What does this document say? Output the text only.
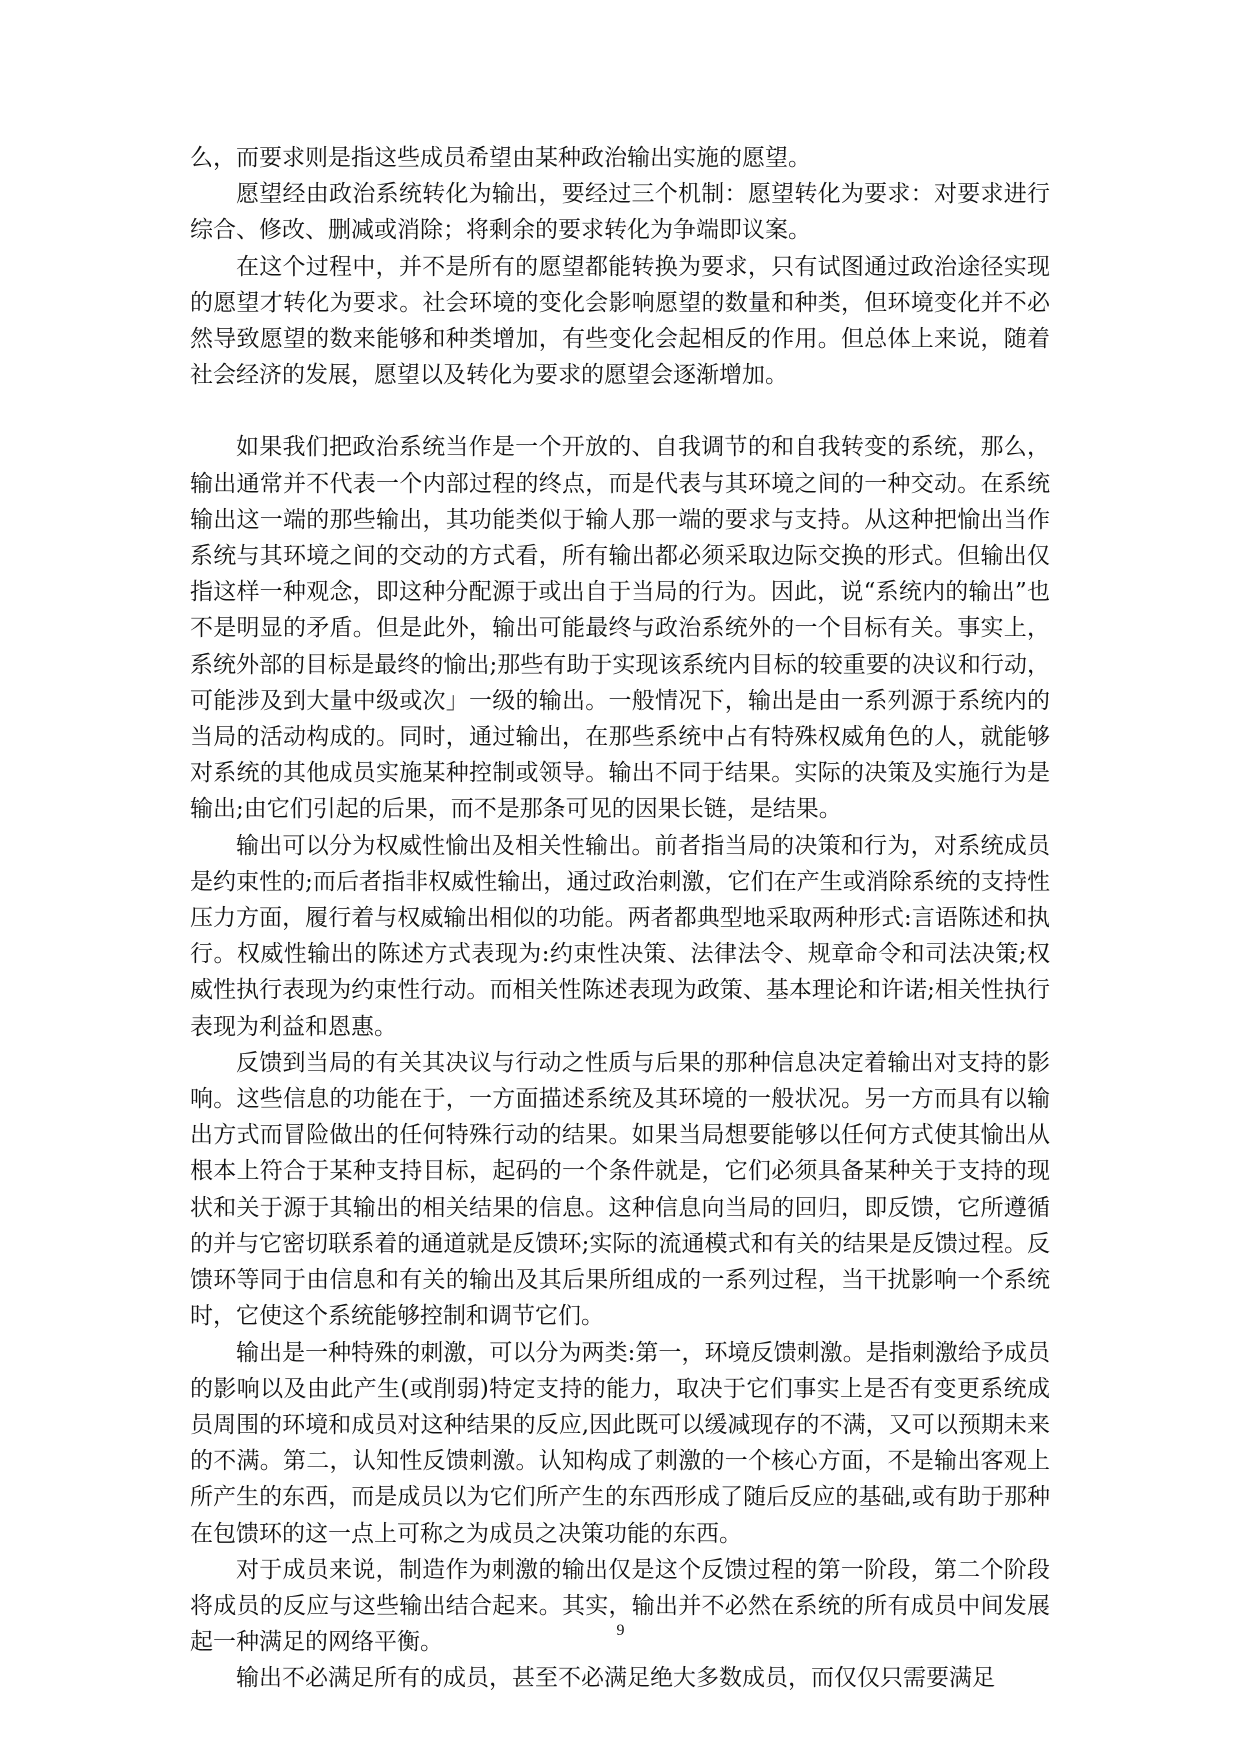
么，而要求则是指这些成员希望由某种政治输出实施的愿望。

愿望经由政治系统转化为输出，要经过三个机制：愿望转化为要求：对要求进行综合、修改、删减或消除；将剩余的要求转化为争端即议案。

在这个过程中，并不是所有的愿望都能转换为要求，只有试图通过政治途径实现的愿望才转化为要求。社会环境的变化会影响愿望的数量和种类，但环境变化并不必然导致愿望的数来能够和种类增加，有些变化会起相反的作用。但总体上来说，随着社会经济的发展，愿望以及转化为要求的愿望会逐渐增加。

如果我们把政治系统当作是一个开放的、自我调节的和自我转变的系统，那么，输出通常并不代表一个内部过程的终点，而是代表与其环境之间的一种交动。在系统输出这一端的那些输出，其功能类似于输人那一端的要求与支持。从这种把愉出当作系统与其环境之间的交动的方式看，所有输出都必须采取边际交换的形式。但输出仅指这样一种观念，即这种分配源于或出自于当局的行为。因此，说“系统内的输出”也不是明显的矛盾。但是此外，输出可能最终与政治系统外的一个目标有关。事实上，系统外部的目标是最终的愉出;那些有助于实现该系统内目标的较重要的决议和行动，可能涉及到大量中级或次」一级的输出。一般情况下，输出是由一系列源于系统内的当局的活动构成的。同时，通过输出，在那些系统中占有特殊权威角色的人，就能够对系统的其他成员实施某种控制或领导。输出不同于结果。实际的决策及实施行为是输出;由它们引起的后果，而不是那条可见的因果长链，是结果。

输出可以分为权威性愉出及相关性输出。前者指当局的决策和行为，对系统成员是约束性的;而后者指非权威性输出，通过政治刺激，它们在产生或消除系统的支持性压力方面，履行着与权威输出相似的功能。两者都典型地采取两种形式:言语陈述和执行。权威性输出的陈述方式表现为:约束性决策、法律法令、规章命令和司法决策;权威性执行表现为约束性行动。而相关性陈述表现为政策、基本理论和许诺;相关性执行表现为利益和恩惠。

反馈到当局的有关其决议与行动之性质与后果的那种信息决定着输出对支持的影响。这些信息的功能在于，一方面描述系统及其环境的一般状况。另一方而具有以输出方式而冒险做出的任何特殊行动的结果。如果当局想要能够以任何方式使其愉出从根本上符合于某种支持目标，起码的一个条件就是，它们必须具备某种关于支持的现状和关于源于其输出的相关结果的信息。这种信息向当局的回归，即反馈，它所遵循的并与它密切联系着的通道就是反馈环;实际的流通模式和有关的结果是反馈过程。反馈环等同于由信息和有关的输出及其后果所组成的一系列过程，当干扰影响一个系统时，它使这个系统能够控制和调节它们。

输出是一种特殊的刺激，可以分为两类:第一，环境反馈刺激。是指刺激给予成员的影响以及由此产生(或削弱)特定支持的能力，取决于它们事实上是否有变更系统成员周围的环境和成员对这种结果的反应,因此既可以缓减现存的不满，又可以预期未来的不满。第二，认知性反馈刺激。认知构成了刺激的一个核心方面，不是输出客观上所产生的东西，而是成员以为它们所产生的东西形成了随后反应的基础,或有助于那种在包馈环的这一点上可称之为成员之决策功能的东西。

对于成员来说，制造作为刺激的输出仅是这个反馈过程的第一阶段，第二个阶段将成员的反应与这些输出结合起来。其实，输出并不必然在系统的所有成员中间发展起一种满足的网络平衡。

输出不必满足所有的成员，甚至不必满足绝大多数成员，而仅仅只需要满足

9
